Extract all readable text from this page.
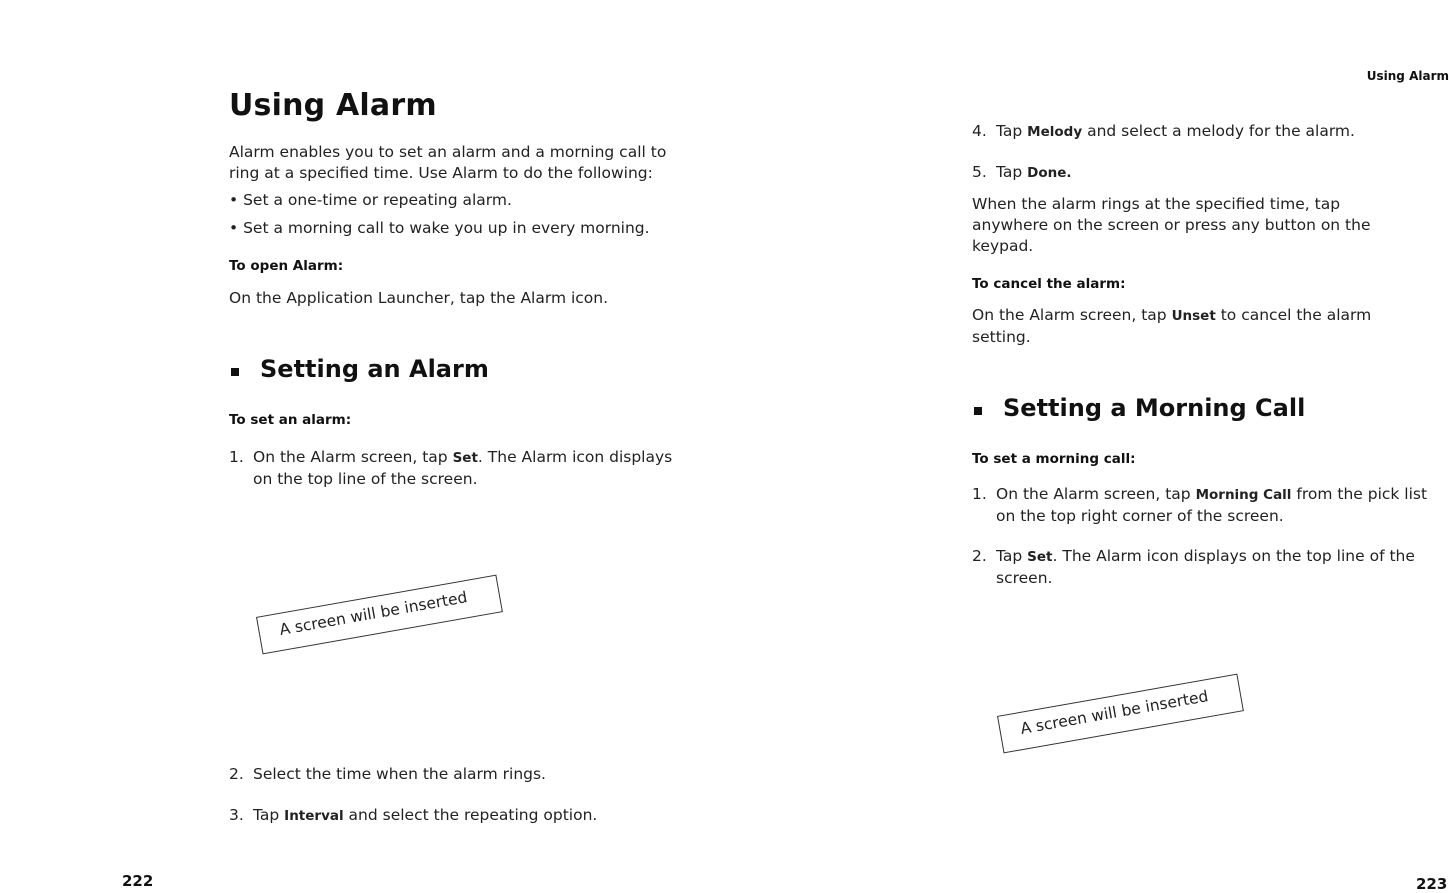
Using Alarm
Alarm enables you to set an alarm and a morning call to
ring at a specified time. Use Alarm to do the following:
• Set a one-time or repeating alarm.
• Set a morning call to wake you up in every morning.
To open Alarm:
On the Application Launcher, tap the Alarm icon.
Setting an Alarm
To set an alarm:
1. On the Alarm screen, tap Set. The Alarm icon displays
on the top line of the screen.
A screen will be inserted
2. Select the time when the alarm rings.
3. Tap Interval and select the repeating option.
222
Using Alarm
4. Tap Melody and select a melody for the alarm.
5. Tap Done.
When the alarm rings at the specified time, tap
anywhere on the screen or press any button on the
keypad.
To cancel the alarm:
On the Alarm screen, tap Unset to cancel the alarm
setting.
Setting a Morning Call
To set a morning call:
1. On the Alarm screen, tap Morning Call from the pick list
on the top right corner of the screen.
2. Tap Set. The Alarm icon displays on the top line of the
screen.
A screen will be inserted
223
